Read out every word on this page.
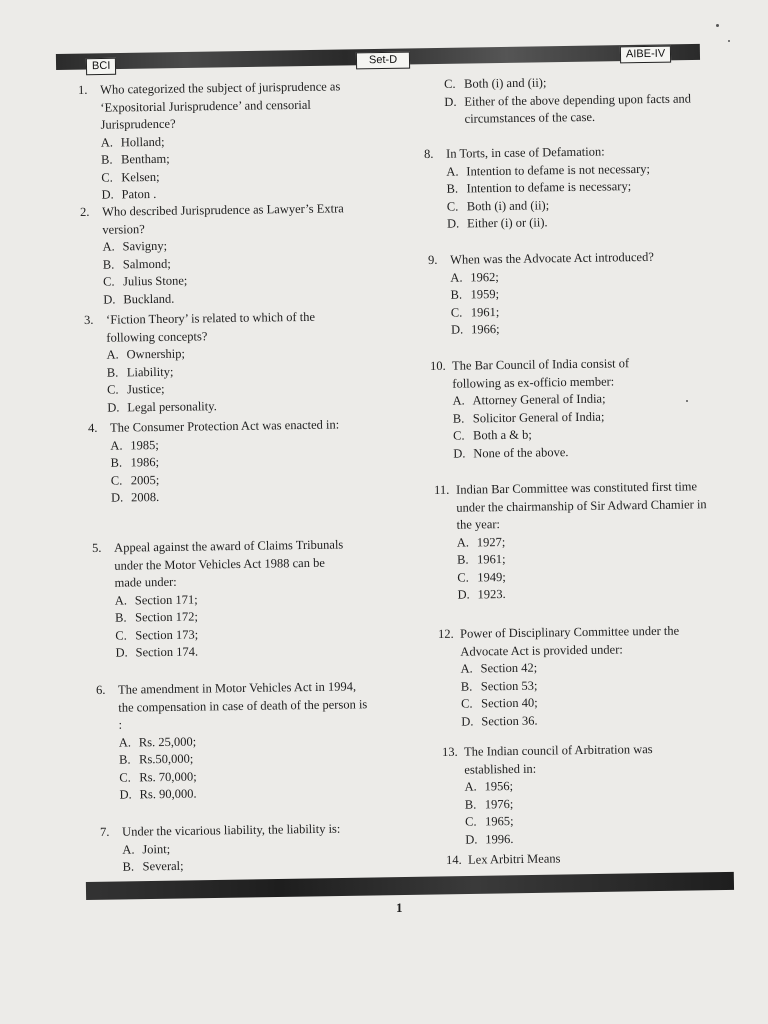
BCI	Set-D	AIBE-IV
C. Both (i) and (ii);
D. Either of the above depending upon facts and circumstances of the case.
1. Who categorized the subject of jurisprudence as ‘Expositorial Jurisprudence’ and censorial Jurisprudence?
A. Holland;
B. Bentham;
C. Kelsen;
D. Paton .
2. Who described Jurisprudence as Lawyer’s Extra version?
A. Savigny;
B. Salmond;
C. Julius Stone;
D. Buckland.
3. ‘Fiction Theory’ is related to which of the following concepts?
A. Ownership;
B. Liability;
C. Justice;
D. Legal personality.
4. The Consumer Protection Act was enacted in:
A. 1985;
B. 1986;
C. 2005;
D. 2008.
5. Appeal against the award of Claims Tribunals under the Motor Vehicles Act 1988 can be made under:
A. Section 171;
B. Section 172;
C. Section 173;
D. Section 174.
6. The amendment in Motor Vehicles Act in 1994, the compensation in case of death of the person is :
A. Rs. 25,000;
B. Rs.50,000;
C. Rs. 70,000;
D. Rs. 90,000.
7. Under the vicarious liability, the liability is:
A. Joint;
B. Several;
8. In Torts, in case of Defamation:
A. Intention to defame is not necessary;
B. Intention to defame is necessary;
C. Both (i) and (ii);
D. Either (i) or (ii).
9. When was the Advocate Act introduced?
A. 1962;
B. 1959;
C. 1961;
D. 1966;
10. The Bar Council of India consist of following as ex-officio member:
A. Attorney General of India;
B. Solicitor General of India;
C. Both a & b;
D. None of the above.
11. Indian Bar Committee was constituted first time under the chairmanship of Sir Adward Chamier in the year:
A. 1927;
B. 1961;
C. 1949;
D. 1923.
12. Power of Disciplinary Committee under the Advocate Act is provided under:
A. Section 42;
B. Section 53;
C. Section 40;
D. Section 36.
13. The Indian council of Arbitration was established in:
A. 1956;
B. 1976;
C. 1965;
D. 1996.
14. Lex Arbitri Means
1
